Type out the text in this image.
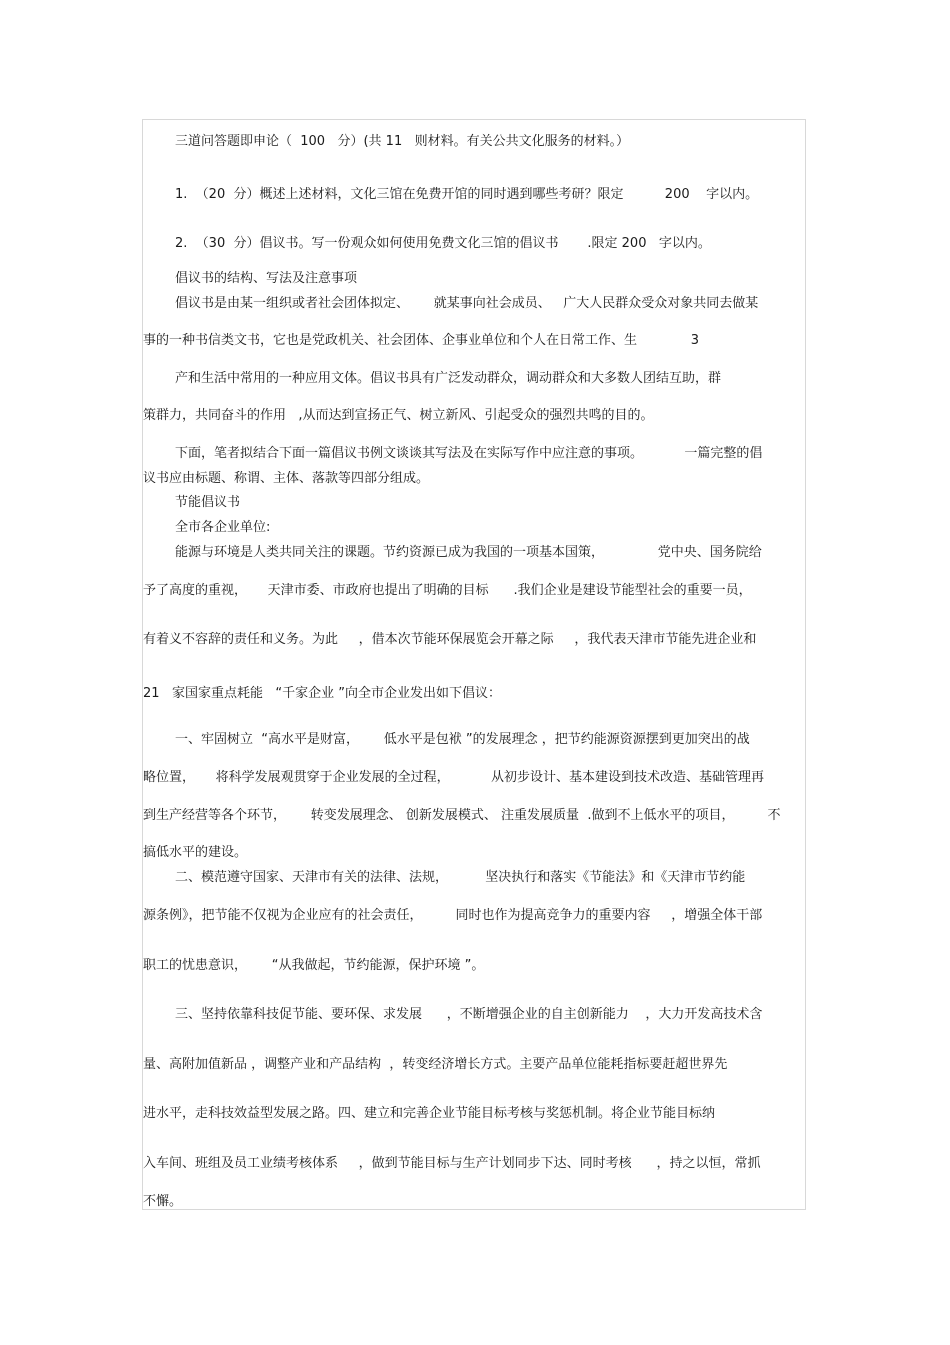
三道问答题即申论（  100   分）(共 11   则材料。有关公共文化服务的材料。）
1.  （20  分）概述上述材料，文化三馆在免费开馆的同时遇到哪些考研？限定          200    字以内。
2.  （30  分）倡议书。写一份观众如何使用免费文化三馆的倡议书       .限定 200   字以内。
倡议书的结构、写法及注意事项
倡议书是由某一组织或者社会团体拟定、      就某事向社会成员、   广大人民群众受众对象共同去做某
事的一种书信类文书，它也是党政机关、社会团体、企事业单位和个人在日常工作、生             3
产和生活中常用的一种应用文体。倡议书具有广泛发动群众，调动群众和大多数人团结互助，群
策群力，共同奋斗的作用   ,从而达到宣扬正气、树立新风、引起受众的强烈共鸣的目的。
下面，笔者拟结合下面一篇倡议书例文谈谈其写法及在实际写作中应注意的事项。          一篇完整的倡
议书应由标题、称谓、主体、落款等四部分组成。
节能倡议书
全市各企业单位:
能源与环境是人类共同关注的课题。节约资源已成为我国的一项基本国策，             党中央、国务院给
予了高度的重视，     天津市委、市政府也提出了明确的目标      .我们企业是建设节能型社会的重要一员，
有着义不容辞的责任和义务。为此     ，借本次节能环保展览会开幕之际     ，我代表天津市节能先进企业和
21   家国家重点耗能   “千家企业 ”向全市企业发出如下倡议：
一、牢固树立  “高水平是财富，      低水平是包袱 ”的发展理念 ，把节约能源资源摆到更加突出的战
略位置，     将科学发展观贯穿于企业发展的全过程，          从初步设计、基本建设到技术改造、基础管理再
到生产经营等各个环节，      转变发展理念、 创新发展模式、 注重发展质量  .做到不上低水平的项目，        不
搞低水平的建设。
二、模范遵守国家、天津市有关的法律、法规，         坚决执行和落实《节能法》和《天津市节约能
源条例》，把节能不仅视为企业应有的社会责任，        同时也作为提高竞争力的重要内容     ，增强全体干部
职工的忧患意识，      “从我做起，节约能源，保护环境 ”。
三、坚持依靠科技促节能、要环保、求发展      ，不断增强企业的自主创新能力    ，大力开发高技术含
量、高附加值新品 ，调整产业和产品结构  ，转变经济增长方式。主要产品单位能耗指标要赶超世界先
进水平，走科技效益型发展之路。四、建立和完善企业节能目标考核与奖惩机制。将企业节能目标纳
入车间、班组及员工业绩考核体系     ，做到节能目标与生产计划同步下达、同时考核      ，持之以恒，常抓
不懈。
